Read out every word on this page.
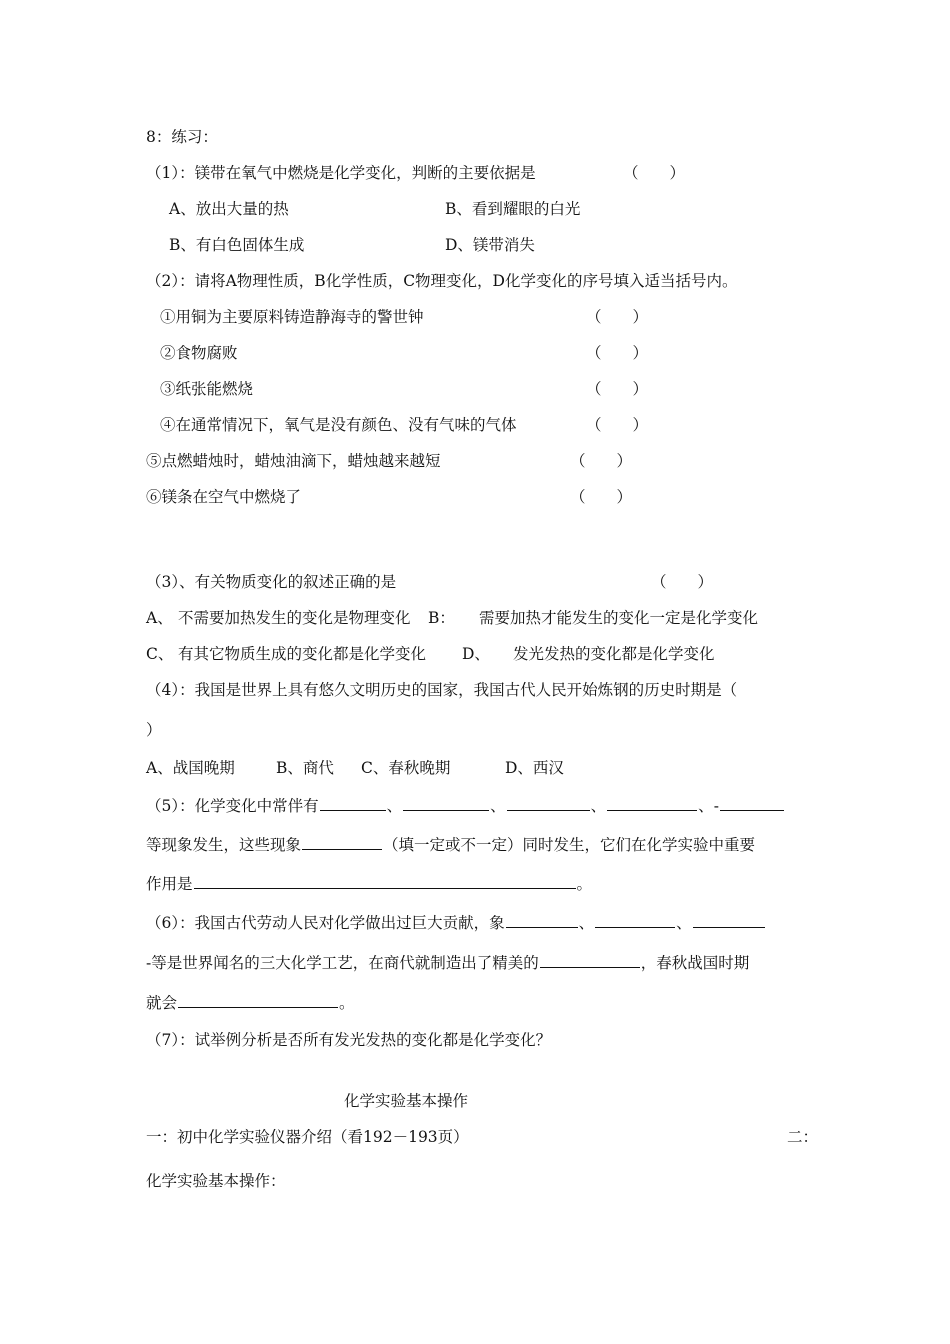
8：练习：
（1）：镁带在氧气中燃烧是化学变化，判断的主要依据是	（　　）
A、放出大量的热	B、看到耀眼的白光
B、有白色固体生成	D、镁带消失
（2）：请将A物理性质，B化学性质，C物理变化，D化学变化的序号填入适当括号内。
①用铜为主要原料铸造静海寺的警世钟	（　　）
②食物腐败	（　　）
③纸张能燃烧	（　　）
④在通常情况下，氧气是没有颜色、没有气味的气体	（　　）
⑤点燃蜡烛时，蜡烛油滴下，蜡烛越来越短	（　　）
⑥镁条在空气中燃烧了	（　　）
（3）、有关物质变化的叙述正确的是	（　　）
A、 不需要加热发生的变化是物理变化 B： 需要加热才能发生的变化一定是化学变化
C、 有其它物质生成的变化都是化学变化 D、 发光发热的变化都是化学变化
（4）：我国是世界上具有悠久文明历史的国家，我国古代人民开始炼钢的历史时期是（
）
A、战国晚期	B、商代 C、春秋晚期	D、西汉
（5）：化学变化中常伴有	、	、	、	、-
等现象发生，这些现象	（填一定或不一定）同时发生，它们在化学实验中重要
作用是	。
（6）：我国古代劳动人民对化学做出过巨大贡献，象	、	、
-等是世界闻名的三大化学工艺，在商代就制造出了精美的	，春秋战国时期
就会	。
（7）：试举例分析是否所有发光发热的变化都是化学变化？
化学实验基本操作
一：初中化学实验仪器介绍（看192－193页）	二：
化学实验基本操作：
